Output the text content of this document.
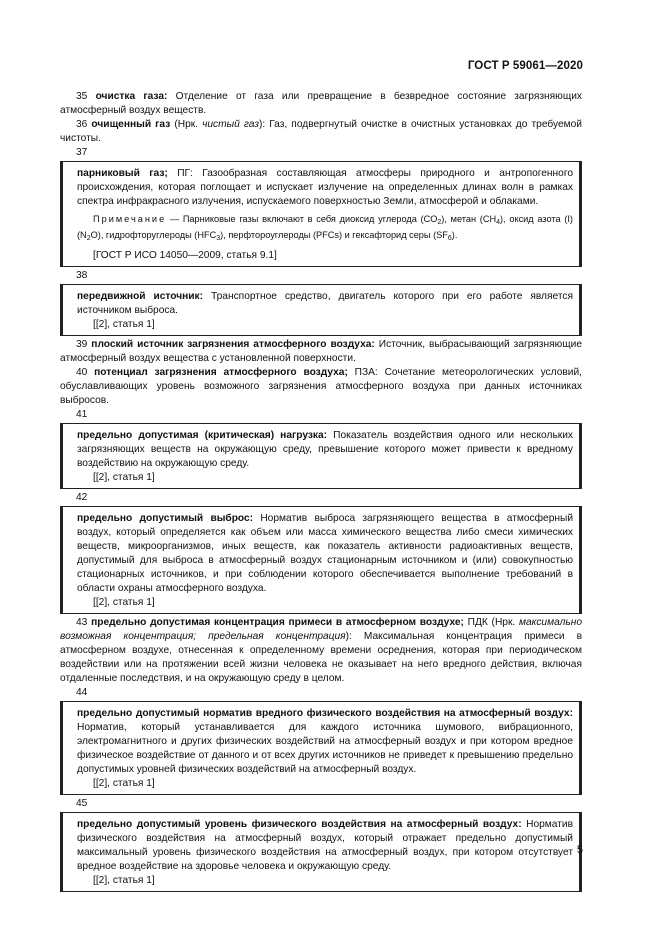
ГОСТ Р 59061—2020

35 очистка газа: Отделение от газа или превращение в безвредное состояние загрязняющих атмосферный воздух веществ.

36 очищенный газ (Нрк. чистый газ): Газ, подвергнутый очистке в очистных установках до требуемой чистоты.

37

парниковый газ; ПГ: Газообразная составляющая атмосферы природного и антропогенного происхождения, которая поглощает и испускает излучение на определенных длинах волн в рамках спектра инфракрасного излучения, испускаемого поверхностью Земли, атмосферой и облаками.

Примечание — Парниковые газы включают в себя диоксид углерода $(CO_2)$, метан $(CH_4)$, оксид азота (I) $(N_2O)$, гидрофторуглероды $(HFC_3)$, перфтороуглероды (PFCs) и гексафторид серы $(SF_6)$.

[ГОСТ Р ИСО 14050—2009, статья 9.1]
38

передвижной источник: Транспортное средство, двигатель которого при его работе является источником выброса.

[[2], статья 1]

39 плоский источник загрязнения атмосферного воздуха: Источник, выбрасывающий загрязняющие атмосферный воздух вещества с установленной поверхности.

40 потенциал загрязнения атмосферного воздуха; ПЗА: Сочетание метеорологических условий, обуславливающих уровень возможного загрязнения атмосферного воздуха при данных источниках выбросов.

41

предельно допустимая (критическая) нагрузка: Показатель воздействия одного или нескольких загрязняющих веществ на окружающую среду, превышение которого может привести к вредному воздействию на окружающую среду.

[[2], статья 1]
42

предельно допустимый выброс: Норматив выброса загрязняющего вещества в атмосферный воздух, который определяется как объем или масса химического вещества либо смеси химических веществ, микроорганизмов, иных веществ, как показатель активности радиоактивных веществ, допустимый для выброса в атмосферный воздух стационарным источником и (или) совокупностью стационарных источников, и при соблюдении которого обеспечивается выполнение требований в области охраны атмосферного воздуха.

[[2], статья 1]

43 предельно допустимая концентрация примеси в атмосферном воздухе; ПДК (Нрк. максимально возможная концентрация; предельная концентрация): Максимальная концентрация примеси в атмосферном воздухе, отнесенная к определенному времени осреднения, которая при периодическом воздействии или на протяжении всей жизни человека не оказывает на него вредного действия, включая отдаленные последствия, и на окружающую среду в целом.

44

предельно допустимый норматив вредного физического воздействия на атмосферный воздух: Норматив, который устанавливается для каждого источника шумового, вибрационного, электромагнитного и других физических воздействий на атмосферный воздух и при котором вредное физическое воздействие от данного и от всех других источников не приведет к превышению предельно допустимых уровней физических воздействий на атмосферный воздух.

[[2], статья 1]
45

предельно допустимый уровень физического воздействия на атмосферный воздух: Норматив физического воздействия на атмосферный воздух, который отражает предельно допустимый максимальный уровень физического воздействия на атмосферный воздух, при котором отсутствует вредное воздействие на здоровье человека и окружающую среду.

[[2], статья 1]
5
